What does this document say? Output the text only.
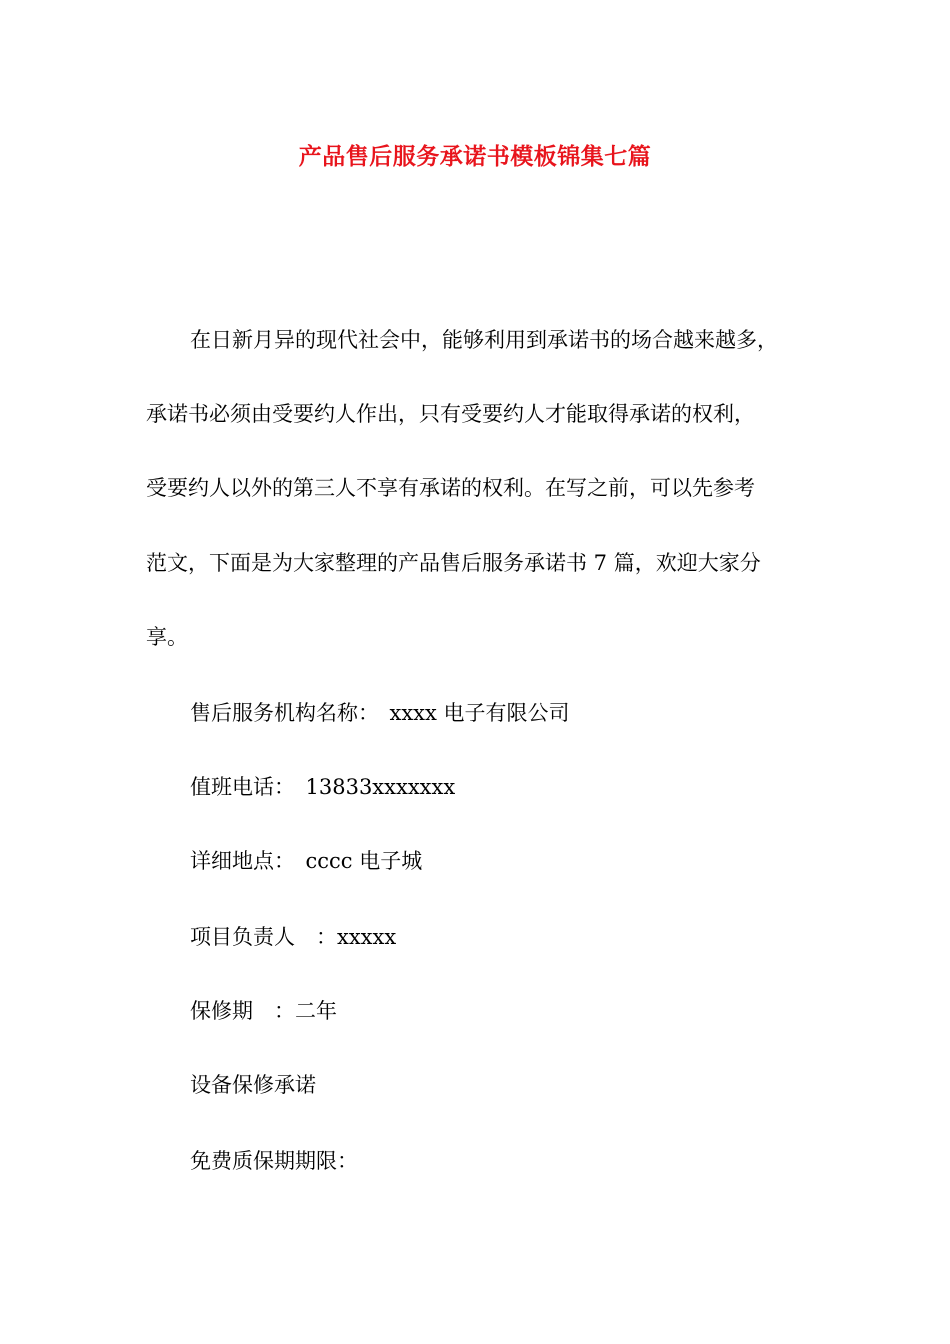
产品售后服务承诺书模板锦集七篇
在日新月异的现代社会中，能够利用到承诺书的场合越来越多，
承诺书必须由受要约人作出，只有受要约人才能取得承诺的权利，
受要约人以外的第三人不享有承诺的权利。在写之前，可以先参考
范文，下面是为大家整理的产品售后服务承诺书 7 篇，欢迎大家分
享。
售后服务机构名称：　xxxx 电子有限公司
值班电话：　13833xxxxxxx
详细地点：　cccc 电子城
项目负责人　：xxxxx
保修期　：二年
设备保修承诺
免费质保期期限：
